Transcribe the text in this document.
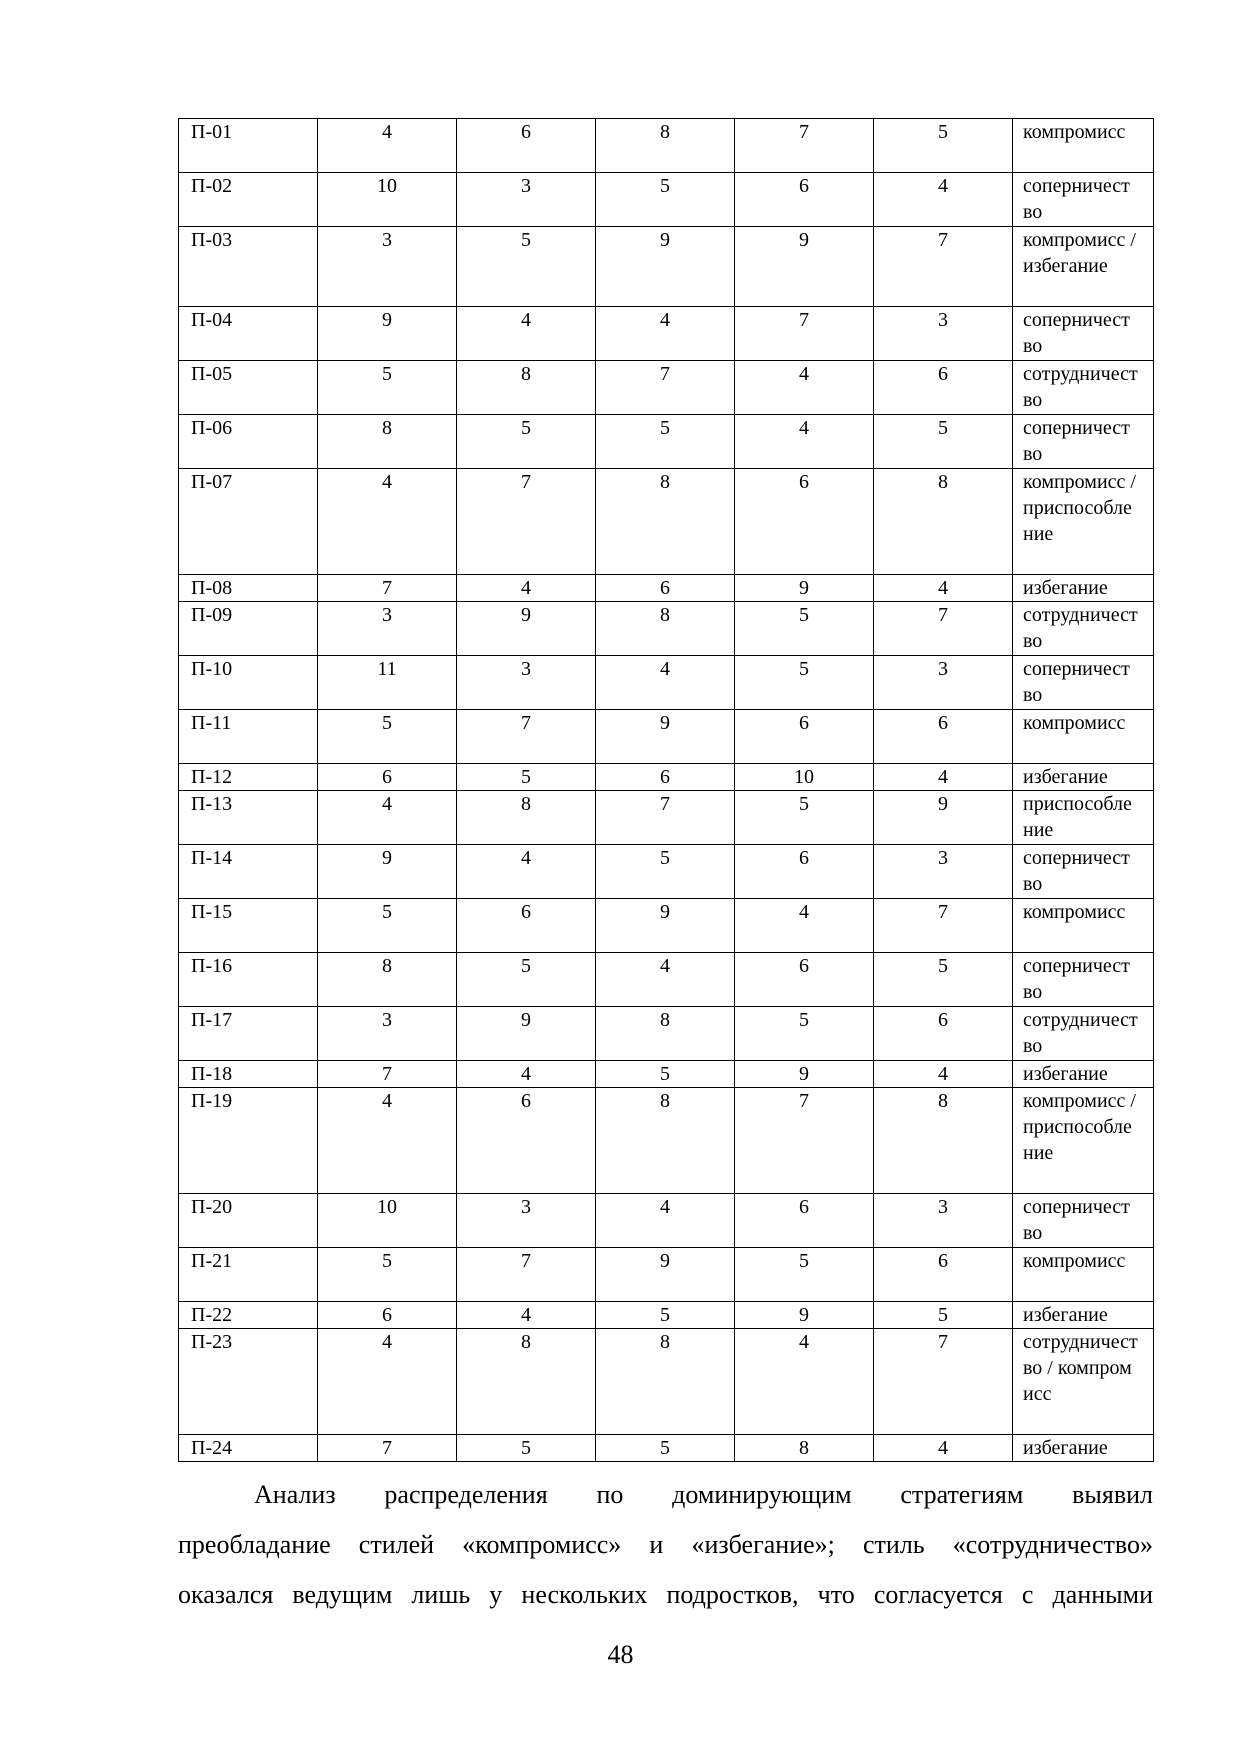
П-01	4	6	8	7	5	компромисс

П-02	10	3	5	6	4	соперничество

П-03	3	5	9	9	7	компромисс / избегание

П-04	9	4	4	7	3	соперничество

П-05	5	8	7	4	6	сотрудничество

П-06	8	5	5	4	5	соперничество

П-07	4	7	8	6	8	компромисс / приспособление

П-08	7	4	6	9	4	избегание

П-09	3	9	8	5	7	сотрудничество

П-10	11	3	4	5	3	соперничество

П-11	5	7	9	6	6	компромисс

П-12	6	5	6	10	4	избегание

П-13	4	8	7	5	9	приспособление

П-14	9	4	5	6	3	соперничество

П-15	5	6	9	4	7	компромисс

П-16	8	5	4	6	5	соперничество

П-17	3	9	8	5	6	сотрудничество

П-18	7	4	5	9	4	избегание

П-19	4	6	8	7	8	компромисс / приспособление

П-20	10	3	4	6	3	соперничество

П-21	5	7	9	5	6	компромисс

П-22	6	4	5	9	5	избегание

П-23	4	8	8	4	7	сотрудничество / компромисс

П-24	7	5	5	8	4	избегание

Анализ распределения по доминирующим стратегиям выявил
преобладание стилей «компромисс» и «избегание»; стиль «сотрудничество»
оказался ведущим лишь у нескольких подростков, что согласуется с данными

48
